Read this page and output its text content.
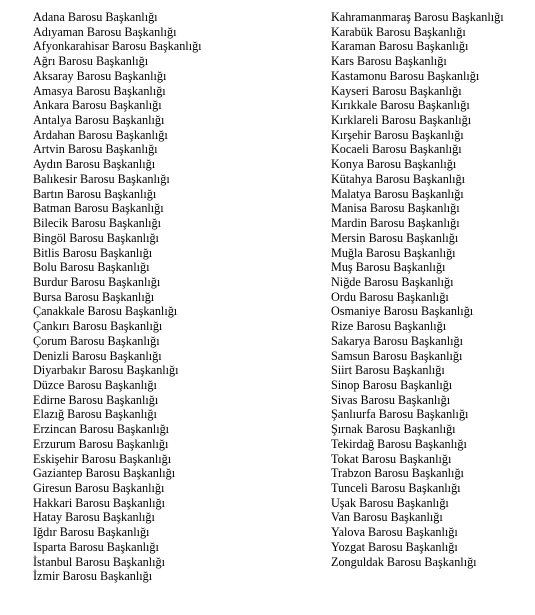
Adana Barosu Başkanlığı
Adıyaman Barosu Başkanlığı
Afyonkarahisar Barosu Başkanlığı
Ağrı Barosu Başkanlığı
Aksaray Barosu Başkanlığı
Amasya Barosu Başkanlığı
Ankara Barosu Başkanlığı
Antalya Barosu Başkanlığı
Ardahan Barosu Başkanlığı
Artvin Barosu Başkanlığı
Aydın Barosu Başkanlığı
Balıkesir Barosu Başkanlığı
Bartın Barosu Başkanlığı
Batman Barosu Başkanlığı
Bilecik Barosu Başkanlığı
Bingöl Barosu Başkanlığı
Bitlis Barosu Başkanlığı
Bolu Barosu Başkanlığı
Burdur Barosu Başkanlığı
Bursa Barosu Başkanlığı
Çanakkale Barosu Başkanlığı
Çankırı Barosu Başkanlığı
Çorum Barosu Başkanlığı
Denizli Barosu Başkanlığı
Diyarbakır Barosu Başkanlığı
Düzce Barosu Başkanlığı
Edirne Barosu Başkanlığı
Elazığ Barosu Başkanlığı
Erzincan Barosu Başkanlığı
Erzurum Barosu Başkanlığı
Eskişehir Barosu Başkanlığı
Gaziantep Barosu Başkanlığı
Giresun Barosu Başkanlığı
Hakkari Barosu Başkanlığı
Hatay Barosu Başkanlığı
Iğdır Barosu Başkanlığı
Isparta Barosu Başkanlığı
İstanbul Barosu Başkanlığı
İzmir Barosu Başkanlığı
Kahramanmaraş Barosu Başkanlığı
Karabük Barosu Başkanlığı
Karaman Barosu Başkanlığı
Kars Barosu Başkanlığı
Kastamonu Barosu Başkanlığı
Kayseri Barosu Başkanlığı
Kırıkkale Barosu Başkanlığı
Kırklareli Barosu Başkanlığı
Kırşehir Barosu Başkanlığı
Kocaeli Barosu Başkanlığı
Konya Barosu Başkanlığı
Kütahya Barosu Başkanlığı
Malatya Barosu Başkanlığı
Manisa Barosu Başkanlığı
Mardin Barosu Başkanlığı
Mersin Barosu Başkanlığı
Muğla Barosu Başkanlığı
Muş Barosu Başkanlığı
Niğde Barosu Başkanlığı
Ordu Barosu Başkanlığı
Osmaniye Barosu Başkanlığı
Rize Barosu Başkanlığı
Sakarya Barosu Başkanlığı
Samsun Barosu Başkanlığı
Siirt Barosu Başkanlığı
Sinop Barosu Başkanlığı
Sivas Barosu Başkanlığı
Şanlıurfa Barosu Başkanlığı
Şırnak Barosu Başkanlığı
Tekirdağ Barosu Başkanlığı
Tokat Barosu Başkanlığı
Trabzon Barosu Başkanlığı
Tunceli Barosu Başkanlığı
Uşak Barosu Başkanlığı
Van Barosu Başkanlığı
Yalova Barosu Başkanlığı
Yozgat Barosu Başkanlığı
Zonguldak Barosu Başkanlığı
